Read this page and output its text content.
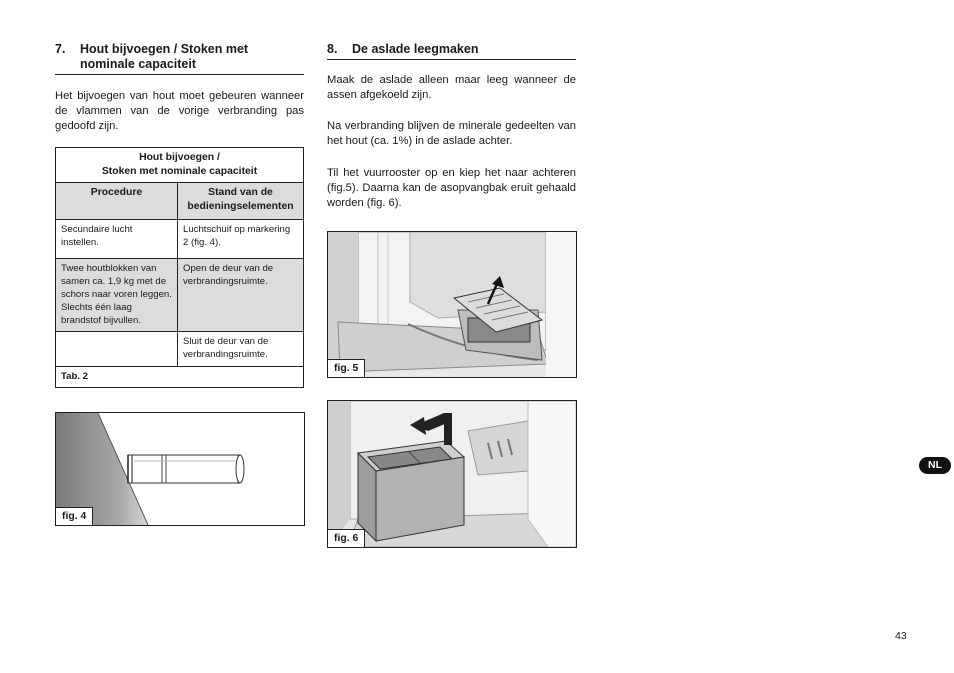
7. Hout bijvoegen / Stoken met
nominale capaciteit
Het bijvoegen van hout moet gebeuren wanneer de vlammen van de vorige verbranding pas gedoofd zijn.
Hout bijvoegen /
Stoken met nominale capaciteit	

Procedure	Stand van de bedieningselementen
Secundaire lucht instellen.	Luchtschuif op markering 2 (fig. 4).
Twee houtblokken van samen ca. 1,9 kg met de schors naar voren leggen. Slechts één laag brandstof bijvullen.	Open de deur van de verbrandingsruimte.
	Sluit de deur van de verbrandingsruimte.
Tab. 2	
fig. 4
8. De aslade leegmaken
Maak de aslade alleen maar leeg wanneer de assen afgekoeld zijn.
Na verbranding blijven de minerale gedeelten van het hout (ca. 1%) in de aslade achter.
Til het vuurrooster op en kiep het naar achteren (fig.5). Daarna kan de asopvangbak eruit gehaald worden (fig. 6).
fig. 5
fig. 6
NL
43
